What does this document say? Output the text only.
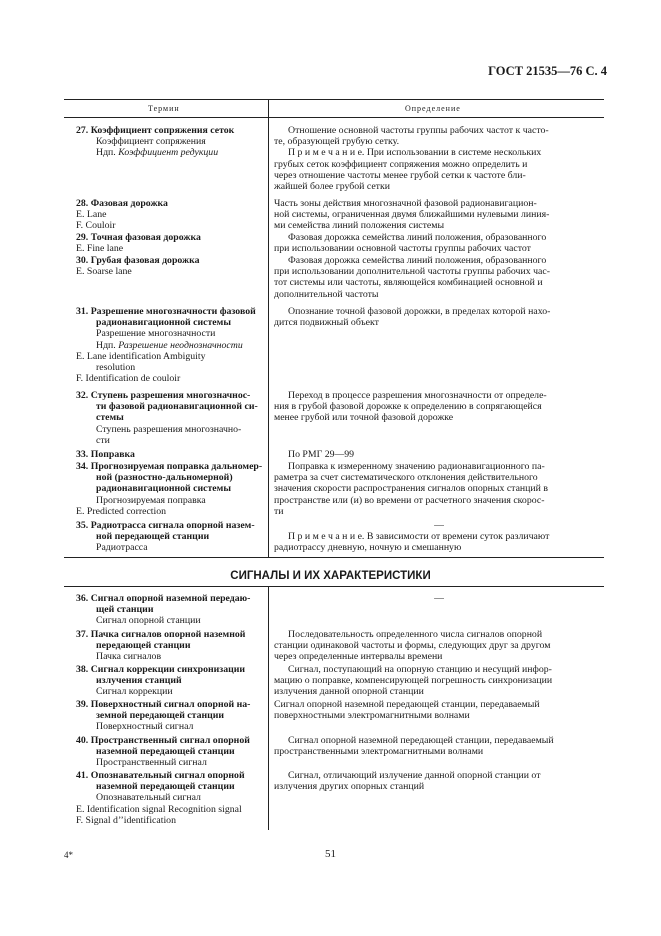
ГОСТ 21535—76 С. 4
Термин	Определение
27. Коэффициент сопряжения сеток
Коэффициент сопряжения
Ндп. Коэффициент редукции
28. Фазовая дорожка
E. Lane
F. Couloir
29. Точная фазовая дорожка
E. Fine lane
30. Грубая фазовая дорожка
E. Soarse lane
31. Разрешение многозначности фазовой
радионавигационной системы
Разрешение многозначности
Ндп. Разрешение неоднозначности
E. Lane identification Ambiguity
resolution
F. Identification de couloir
32. Ступень разрешения многозначнос-
ти фазовой радионавигационной си-
стемы
Ступень разрешения многозначно-
сти
33. Поправка
34. Прогнозируемая поправка дальномер-
ной (разностно-дальномерной)
радионавигационной системы
Прогнозируемая поправка
E. Predicted correction
35. Радиотрасса сигнала опорной назем-
ной передающей станции
Радиотрасса
Отношение основной частоты группы рабочих частот к часто-
те, образующей грубую сетку.
П р и м е ч а н и е. При использовании в системе нескольких
грубых сеток коэффициент сопряжения можно определить и
через отношение частоты менее грубой сетки к частоте бли-
жайшей более грубой сетки
Часть зоны действия многозначной фазовой радионавигацион-
ной системы, ограниченная двумя ближайшими нулевыми линия-
ми семейства линий положения системы
Фазовая дорожка семейства линий положения, образованного
при использовании основной частоты группы рабочих частот
Фазовая дорожка семейства линий положения, образованного
при использовании дополнительной частоты группы рабочих час-
тот системы или частоты, являющейся комбинацией основной и
дополнительной частоты
Опознание точной фазовой дорожки, в пределах которой нахо-
дится подвижный объект
Переход в процессе разрешения многозначности от определе-
ния в грубой фазовой дорожке к определению в сопрягающейся
менее грубой или точной фазовой дорожке
По РМГ 29—99
Поправка к измеренному значению радионавигационного па-
раметра за счет систематического отклонения действительного
значения скорости распространения сигналов опорных станций в
пространстве или (и) во времени от расчетного значения скорос-
ти
—
П р и м е ч а н и е. В зависимости от времени суток различают
радиотрассу дневную, ночную и смешанную
СИГНАЛЫ И ИХ ХАРАКТЕРИСТИКИ
36. Сигнал опорной наземной передаю-
щей станции
Сигнал опорной станции
37. Пачка сигналов опорной наземной
передающей станции
Пачка сигналов
38. Сигнал коррекции синхронизации
излучения станций
Сигнал коррекции
39. Поверхностный сигнал опорной на-
земной передающей станции
Поверхностный сигнал
40. Пространственный сигнал опорной
наземной передающей станции
Пространственный сигнал
41. Опознавательный сигнал опорной
наземной передающей станции
Опознавательный сигнал
E. Identification signal Recognition signal
F. Signal d’’identification
—
Последовательность определенного числа сигналов опорной
станции одинаковой частоты и формы, следующих друг за другом
через определенные интервалы времени
Сигнал, поступающий на опорную станцию и несущий инфор-
мацию о поправке, компенсирующей погрешность синхронизации
излучения данной опорной станции
Сигнал опорной наземной передающей станции, передаваемый
поверхностными электромагнитными волнами
Сигнал опорной наземной передающей станции, передаваемый
пространственными электромагнитными волнами
Сигнал, отличающий излучение данной опорной станции от
излучения других опорных станций
4*	51
